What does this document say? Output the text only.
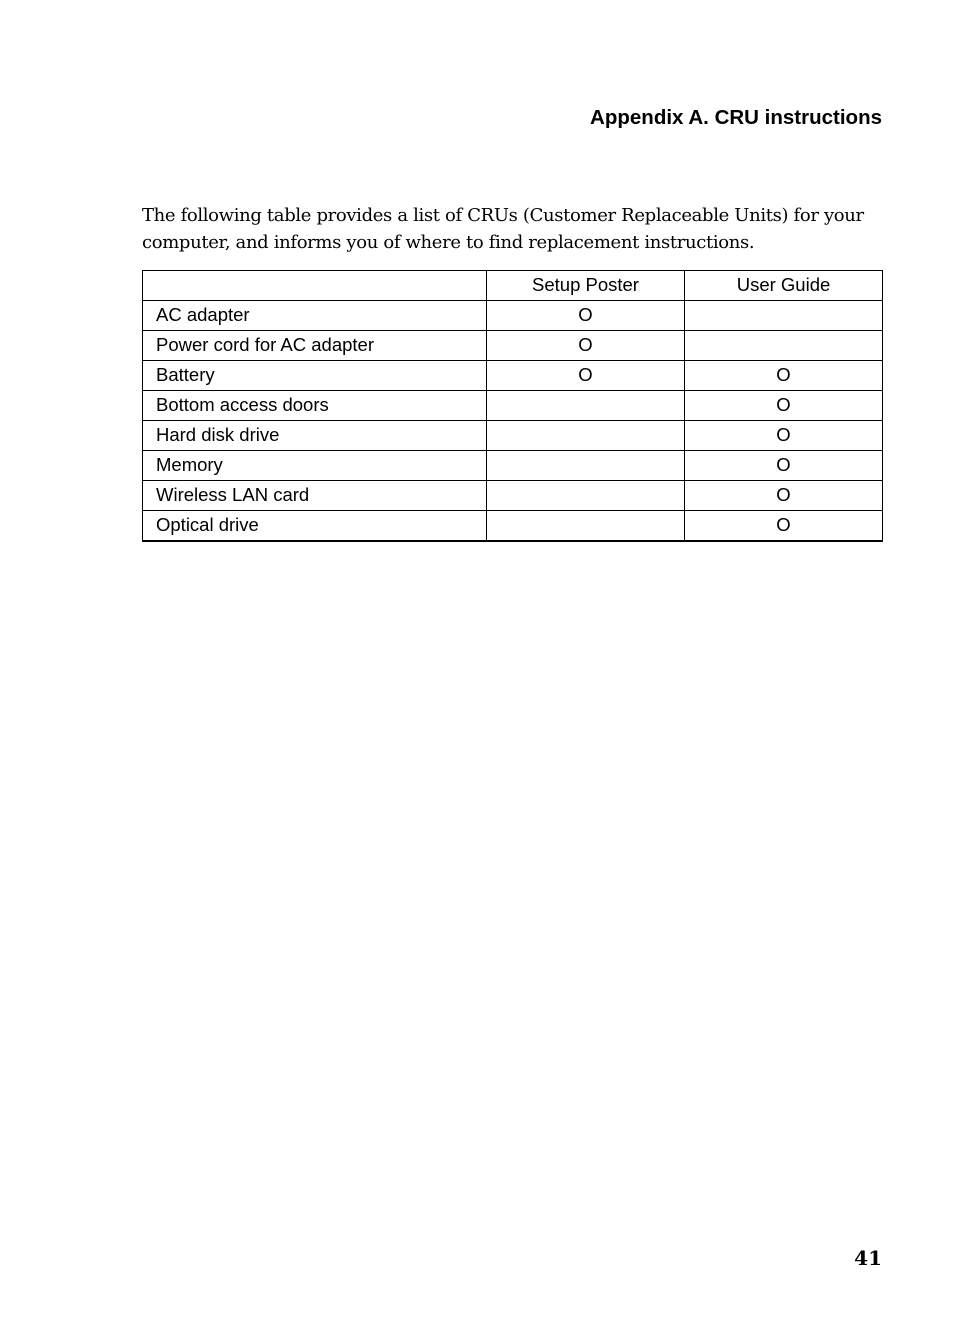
Appendix A. CRU instructions

The following table provides a list of CRUs (Customer Replaceable Units) for your computer, and informs you of where to find replacement instructions.

	Setup Poster	User Guide
AC adapter	O	
Power cord for AC adapter	O	
Battery	O	O
Bottom access doors		O
Hard disk drive		O
Memory		O
Wireless LAN card		O
Optical drive		O
41
